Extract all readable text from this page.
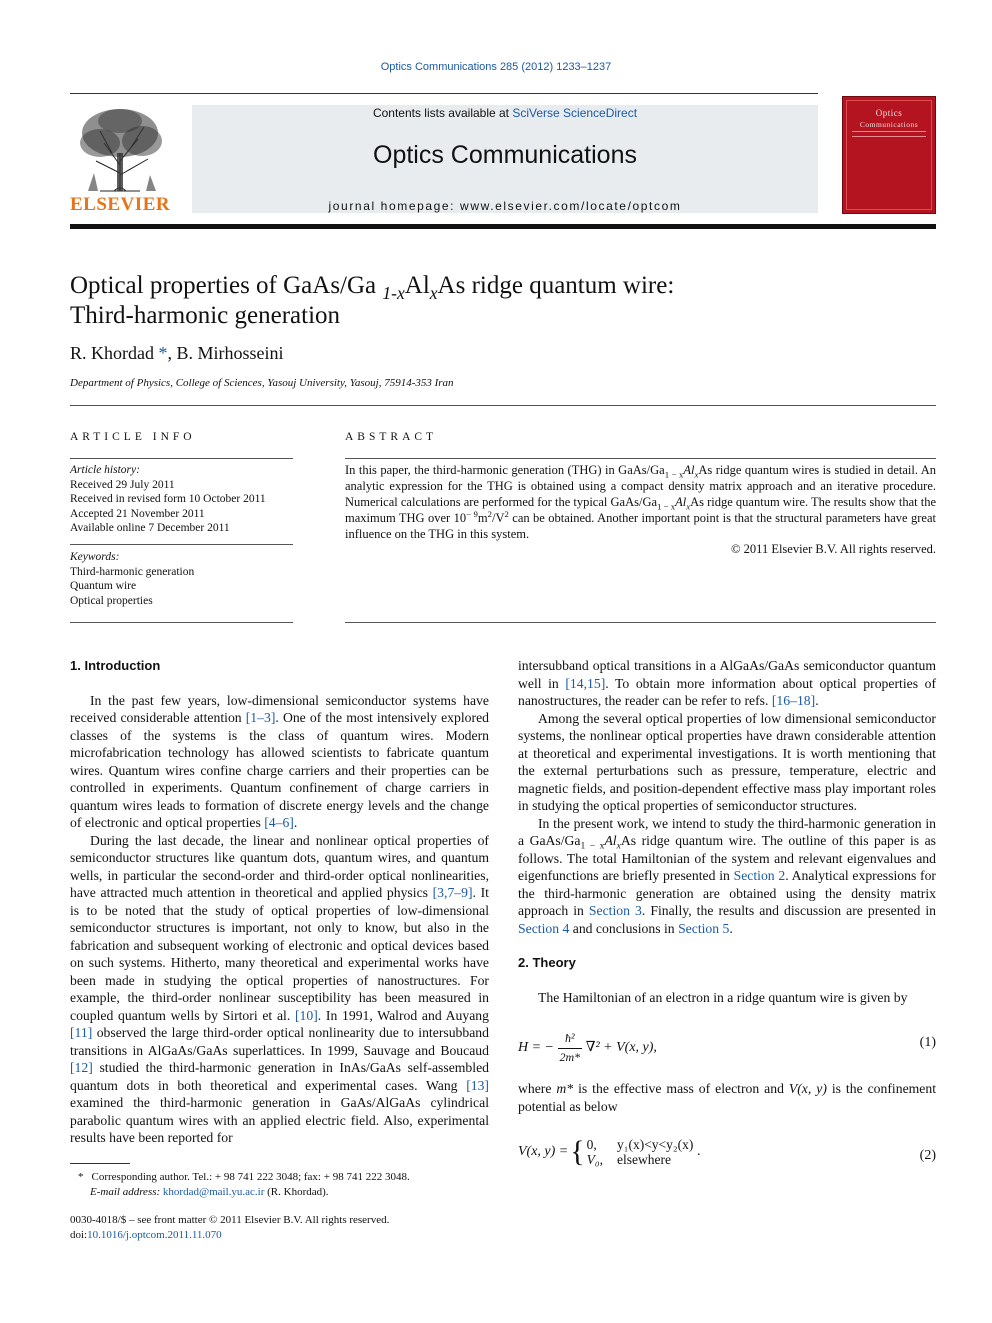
Optics Communications 285 (2012) 1233–1237
ELSEVIER
Contents lists available at SciVerse ScienceDirect
Optics Communications
journal homepage: www.elsevier.com/locate/optcom
Optics
Communications
Optical properties of GaAs/Ga $_{1-x}Al_xAs$ ridge quantum wire:
Third-harmonic generation
R. Khordad *, B. Mirhosseini
Department of Physics, College of Sciences, Yasouj University, Yasouj, 75914-353 Iran
ARTICLE INFO	ABSTRACT
Article history:
Received 29 July 2011
Received in revised form 10 October 2011
Accepted 21 November 2011
Available online 7 December 2011
Keywords:
Third-harmonic generation
Quantum wire
Optical properties
In this paper, the third-harmonic generation (THG) in GaAs/$Ga_{1 - x}Al_xAs$ ridge quantum wires is studied in detail. An analytic expression for the THG is obtained using a compact density matrix approach and an iterative procedure. Numerical calculations are performed for the typical GaAs/$Ga_{1 - x}Al_xAs$ ridge quantum wire. The results show that the maximum THG over $10^{- 9}m^2/V^2$ can be obtained. Another important point is that the structural parameters have great influence on the THG in this system.
© 2011 Elsevier B.V. All rights reserved.
1. Introduction

In the past few years, low-dimensional semiconductor systems have received considerable attention [1–3]. One of the most intensively explored classes of the systems is the class of quantum wires. Modern microfabrication technology has allowed scientists to fabricate quantum wires. Quantum wires confine charge carriers and their properties can be controlled in experiments. Quantum confinement of charge carriers in quantum wires leads to formation of discrete energy levels and the change of electronic and optical properties [4–6].

During the last decade, the linear and nonlinear optical properties of semiconductor structures like quantum dots, quantum wires, and quantum wells, in particular the second-order and third-order optical nonlinearities, have attracted much attention in theoretical and applied physics [3,7–9]. It is to be noted that the study of optical properties of low-dimensional semiconductor structures is important, not only to know, but also in the fabrication and subsequent working of electronic and optical devices based on such systems. Hitherto, many theoretical and experimental works have been made in studying the optical properties of nanostructures. For example, the third-order nonlinear susceptibility has been measured in coupled quantum wells by Sirtori et al. [10]. In 1991, Walrod and Auyang [11] observed the large third-order optical nonlinearity due to intersubband transitions in AlGaAs/GaAs superlattices. In 1999, Sauvage and Boucaud [12] studied the third-harmonic generation in InAs/GaAs self-assembled quantum dots in both theoretical and experimental cases. Wang [13] examined the third-harmonic generation in GaAs/AlGaAs cylindrical parabolic quantum wires with an applied electric field. Also, experimental results have been reported for

intersubband optical transitions in a AlGaAs/GaAs semiconductor quantum well in [14,15]. To obtain more information about optical properties of nanostructures, the reader can be refer to refs. [16–18].

Among the several optical properties of low dimensional semiconductor systems, the nonlinear optical properties have drawn considerable attention at theoretical and experimental investigations. It is worth mentioning that the external perturbations such as pressure, temperature, electric and magnetic fields, and position-dependent effective mass play important roles in studying the optical properties of semiconductor structures.

In the present work, we intend to study the third-harmonic generation in a GaAs/$Ga_{1 - x}Al_xAs$ ridge quantum wire. The outline of this paper is as follows. The total Hamiltonian of the system and relevant eigenvalues and eigenfunctions are briefly presented in Section 2. Analytical expressions for the third-harmonic generation are obtained using the density matrix approach in Section 3. Finally, the results and discussion are presented in Section 4 and conclusions in Section 5.

2. Theory

The Hamiltonian of an electron in a ridge quantum wire is given by

H = − $\frac{\text{ħ²}}{2m*} \nabla^2 + V(x$, y),	(1)

where m* is the effective mass of electron and V(x, y) is the confinement potential as below

V(x, y) = { 0,	y₁(x)<y<y₂(x)
V₀, elsewhere
.	(2)
* Corresponding author. Tel.: + 98 741 222 3048; fax: + 98 741 222 3048.
E-mail address: khordad@mail.yu.ac.ir (R. Khordad).
0030-4018/$ – see front matter © 2011 Elsevier B.V. All rights reserved.
doi:10.1016/j.optcom.2011.11.070
